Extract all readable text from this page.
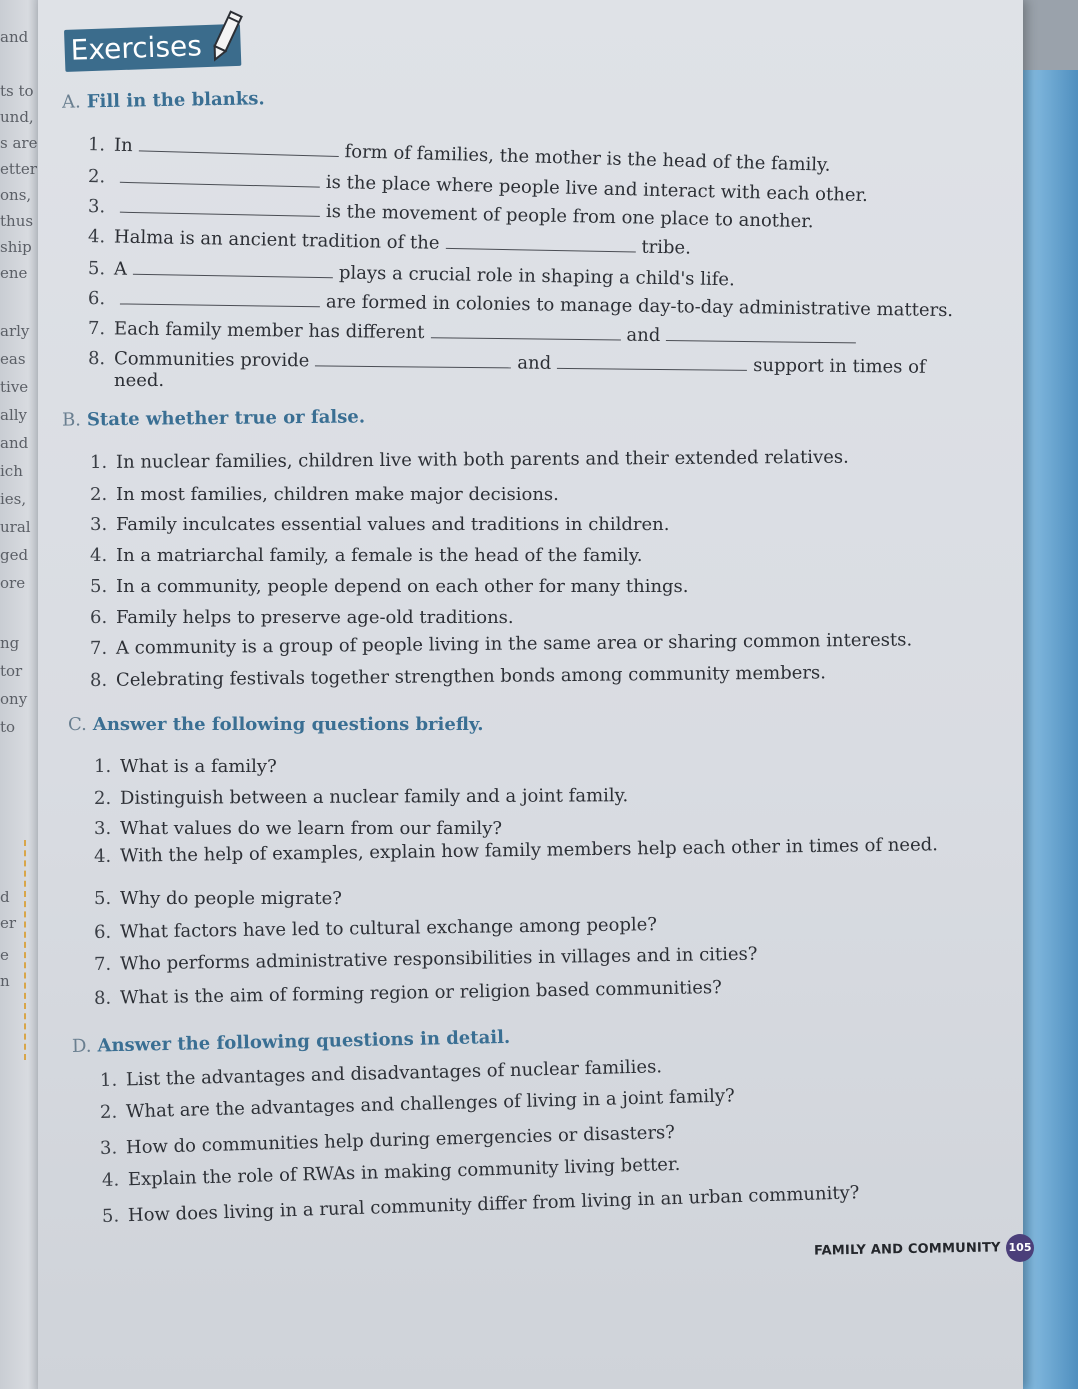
and
ts to
und,
s are
etter
ons,
thus
ship
ene
arly
eas
tive
ally
and
ich
ies,
ural
ged
ore
ng
tor
ony
to
d
er
e
n
Exercises
A. Fill in the blanks.
1. In	form of families, the mother is the head of the family.
2.	is the place where people live and interact with each other.
3.	is the movement of people from one place to another.
4. Halma is an ancient tradition of the	tribe.
5. A	plays a crucial role in shaping a child's life.
6.	are formed in colonies to manage day-to-day administrative matters.
7. Each family member has different	and
8. Communities provide	and	support in times of
need.
B. State whether true or false.
1. In nuclear families, children live with both parents and their extended relatives.
2. In most families, children make major decisions.
3. Family inculcates essential values and traditions in children.
4. In a matriarchal family, a female is the head of the family.
5. In a community, people depend on each other for many things.
6. Family helps to preserve age-old traditions.
7. A community is a group of people living in the same area or sharing common interests.
8. Celebrating festivals together strengthen bonds among community members.
C. Answer the following questions briefly.
1. What is a family?
2. Distinguish between a nuclear family and a joint family.
3. What values do we learn from our family?
4. With the help of examples, explain how family members help each other in times of need.
5. Why do people migrate?
6. What factors have led to cultural exchange among people?
7. Who performs administrative responsibilities in villages and in cities?
8. What is the aim of forming region or religion based communities?
D. Answer the following questions in detail.
1. List the advantages and disadvantages of nuclear families.
2. What are the advantages and challenges of living in a joint family?
3. How do communities help during emergencies or disasters?
4. Explain the role of RWAs in making community living better.
5. How does living in a rural community differ from living in an urban community?
FAMILY AND COMMUNITY 105
